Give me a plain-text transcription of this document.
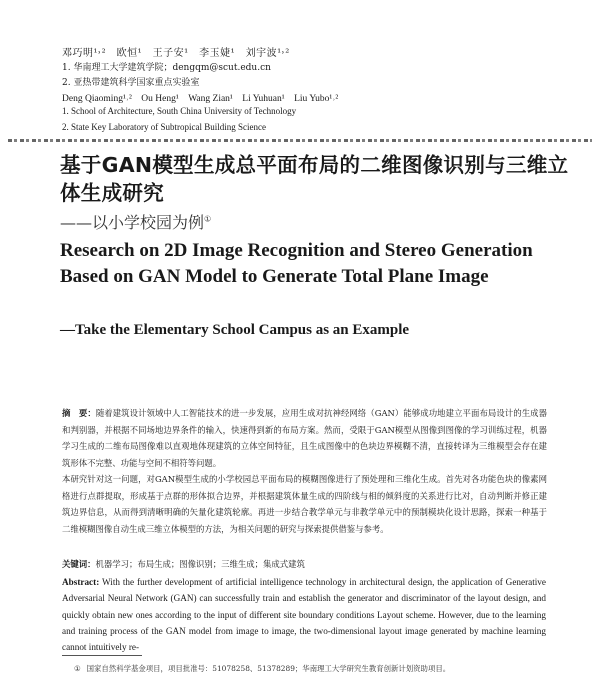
邓巧明¹˒²　欧恒¹　王子安¹　李玉婕¹　刘宇波¹˒²
1. 华南理工大学建筑学院；dengqm@scut.edu.cn
2. 亚热带建筑科学国家重点实验室
Deng Qiaoming¹˒²　Ou Heng¹　Wang Zian¹　Li Yuhuan¹　Liu Yubo¹˒²
1. School of Architecture, South China University of Technology
2. State Key Laboratory of Subtropical Building Science
基于GAN模型生成总平面布局的二维图像识别与三维立体生成研究
——以小学校园为例①
Research on 2D Image Recognition and Stereo Generation Based on GAN Model to Generate Total Plane Image
—Take the Elementary School Campus as an Example

摘　要：随着建筑设计领域中人工智能技术的进一步发展，应用生成对抗神经网络（GAN）能够成功地建立平面布局设计的生成器和判别器，并根据不同场地边界条件的输入，快速得到新的布局方案。然而，受限于GAN模型从图像到图像的学习训练过程，机器学习生成的二维布局图像难以直观地体现建筑的立体空间特征，且生成图像中的色块边界模糊不清，直接转译为三维模型会存在建筑形体不完整、功能与空间不相符等问题。

本研究针对这一问题，对GAN模型生成的小学校园总平面布局的模糊图像进行了预处理和三维化生成。首先对各功能色块的像素网格进行点群提取，形成基于点群的形体拟合边界，并根据建筑体量生成的四阶线与相的倾斜度的关系进行比对，自动判断并修正建筑边界信息，从而得到清晰明确的矢量化建筑轮廓。再进一步结合教学单元与非教学单元中的预制模块化设计思路，探索一种基于二维模糊图像自动生成三维立体模型的方法，为相关问题的研究与探索提供借鉴与参考。

关键词：机器学习；布局生成；图像识别；三维生成；集成式建筑
Abstract: With the further development of artificial intelligence technology in architectural design, the application of Generative Adversarial Neural Network (GAN) can successfully train and establish the generator and discriminator of the layout design, and quickly obtain new ones according to the input of different site boundary conditions Layout scheme. However, due to the learning and training process of the GAN model from image to image, the two-dimensional layout image generated by machine learning cannot intuitively re-
① 国家自然科学基金项目，项目批准号：51078258、51378289；华南理工大学研究生教育创新计划资助项目。
